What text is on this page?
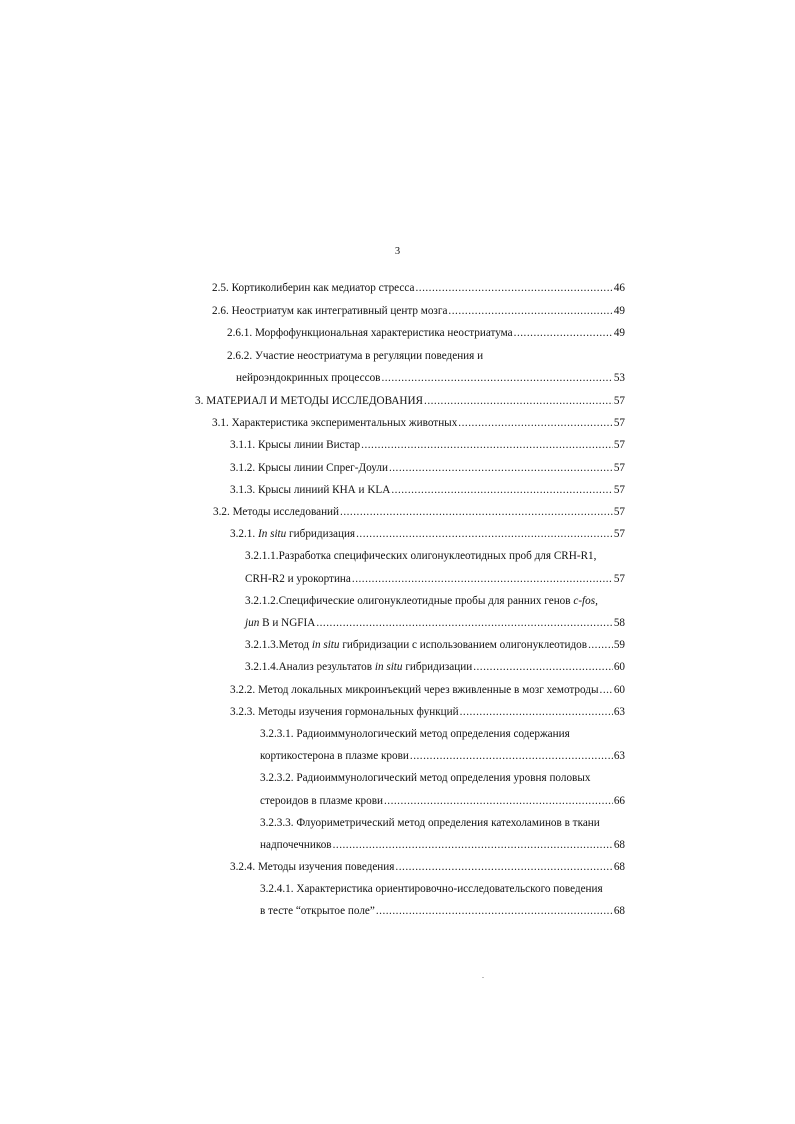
3
2.5. Кортиколиберин как медиатор стресса .....	46
2.6. Неостриатум как интегративный центр мозга .....	49
2.6.1. Морфофункциональная характеристика неостриатума .....	49
2.6.2. Участие неостриатума в регуляции поведения и
нейроэндокринных процессов .....	53
3. МАТЕРИАЛ И МЕТОДЫ ИССЛЕДОВАНИЯ .....	57
3.1. Характеристика экспериментальных животных .....	57
3.1.1. Крысы линии Вистар .....	57
3.1.2. Крысы линии Спрег-Доули .....	57
3.1.3. Крысы линиий КНА и KLA .....	57
3.2. Методы исследований .....	57
3.2.1. In situ гибридизация .....	57
3.2.1.1.Разработка специфических олигонуклеотидных проб для CRH-R1,
CRH-R2 и урокортина .....	57
3.2.1.2.Специфические олигонуклеотидные пробы для ранних генов c-fos,
jun B и NGFIA .....	58
3.2.1.3.Метод in situ гибридизации с использованием олигонуклеотидов ..... 59
3.2.1.4.Анализ результатов in situ гибридизации .....	60
3.2.2. Метод локальных микроинъекций через вживленные в мозг хемотроды ..... 60
3.2.3. Методы изучения гормональных функций .....	63
3.2.3.1. Радиоиммунологический метод определения содержания
кортикостерона в плазме крови .....	63
3.2.3.2. Радиоиммунологический метод определения уровня половых
стероидов в плазме крови .....	66
3.2.3.3. Флуориметрический метод определения катехоламинов в ткани
надпочечников .....	68
3.2.4. Методы изучения поведения .....	68
3.2.4.1. Характеристика ориентировочно-исследовательского поведения
в тесте “открытое поле” .....	68
